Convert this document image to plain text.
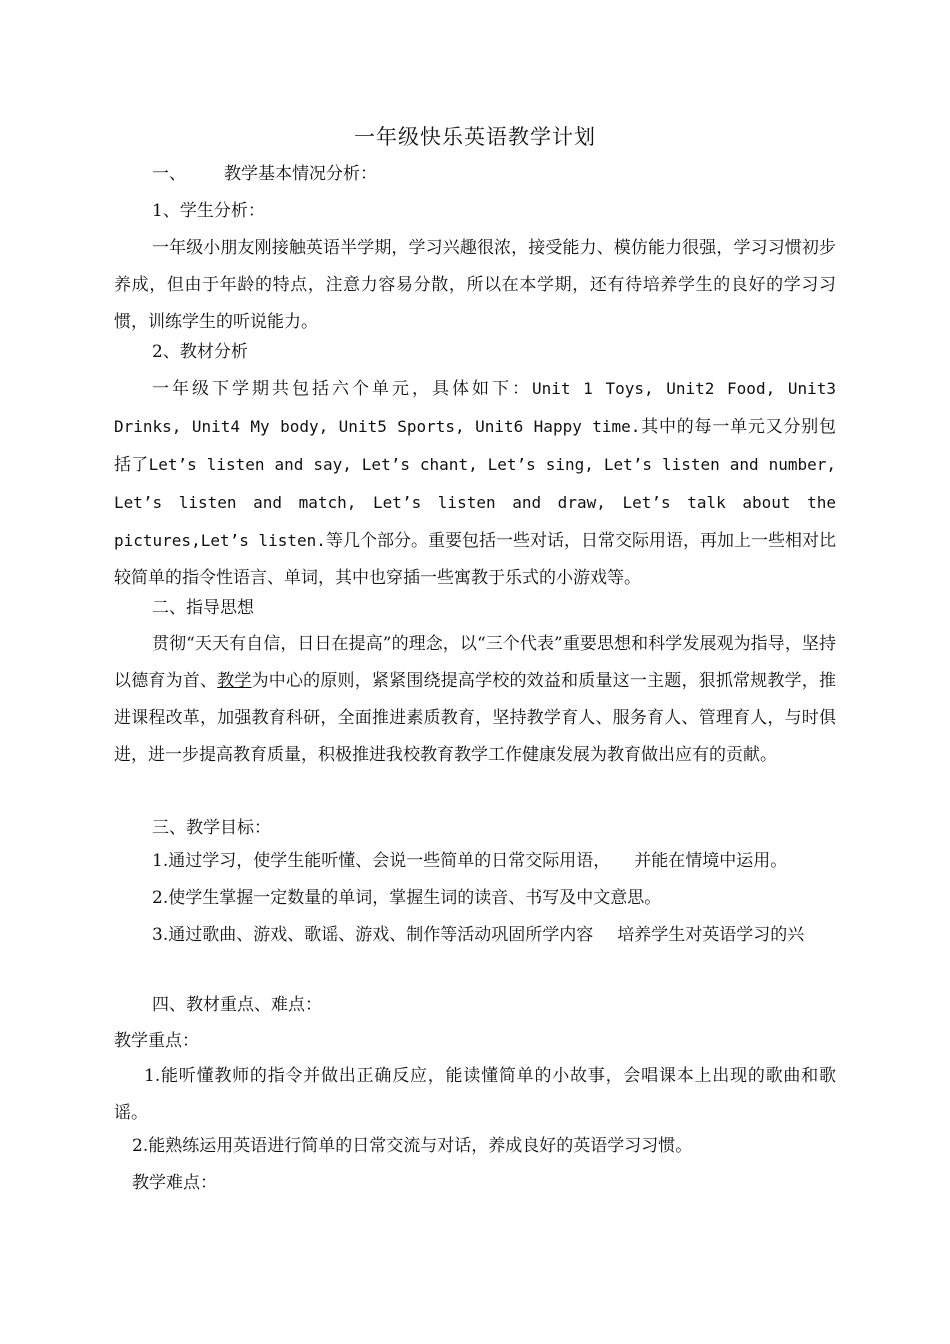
一年级快乐英语教学计划

一、 教学基本情况分析：

1、学生分析：

一年级小朋友刚接触英语半学期，学习兴趣很浓，接受能力、模仿能力很强，学习习惯初步养成，但由于年龄的特点，注意力容易分散，所以在本学期，还有待培养学生的良好的学习习惯，训练学生的听说能力。

2、教材分析

一年级下学期共包括六个单元，具体如下：Unit 1 Toys, Unit2 Food, Unit3 Drinks, Unit4 My body, Unit5 Sports, Unit6 Happy time.其中的每一单元又分别包括了Let’s listen and say, Let’s chant, Let’s sing, Let’s listen and number, Let’s listen and match, Let’s listen and draw, Let’s talk about the pictures,Let’s listen.等几个部分。重要包括一些对话，日常交际用语，再加上一些相对比较简单的指令性语言、单词，其中也穿插一些寓教于乐式的小游戏等。

二、指导思想

贯彻“天天有自信，日日在提高”的理念，以“三个代表”重要思想和科学发展观为指导，坚持以德育为首、教学为中心的原则，紧紧围绕提高学校的效益和质量这一主题，狠抓常规教学，推进课程改革，加强教育科研，全面推进素质教育，坚持教学育人、服务育人、管理育人，与时俱进，进一步提高教育质量，积极推进我校教育教学工作健康发展为教育做出应有的贡献。

三、教学目标：

1.通过学习，使学生能听懂、会说一些简单的日常交际用语， 并能在情境中运用。

2.使学生掌握一定数量的单词，掌握生词的读音、书写及中文意思。

3.通过歌曲、游戏、歌谣、游戏、制作等活动巩固所学内容 培养学生对英语学习的兴

四、教材重点、难点：

教学重点：

1.能听懂教师的指令并做出正确反应，能读懂简单的小故事，会唱课本上出现的歌曲和歌谣。

2.能熟练运用英语进行简单的日常交流与对话，养成良好的英语学习习惯。

教学难点：
